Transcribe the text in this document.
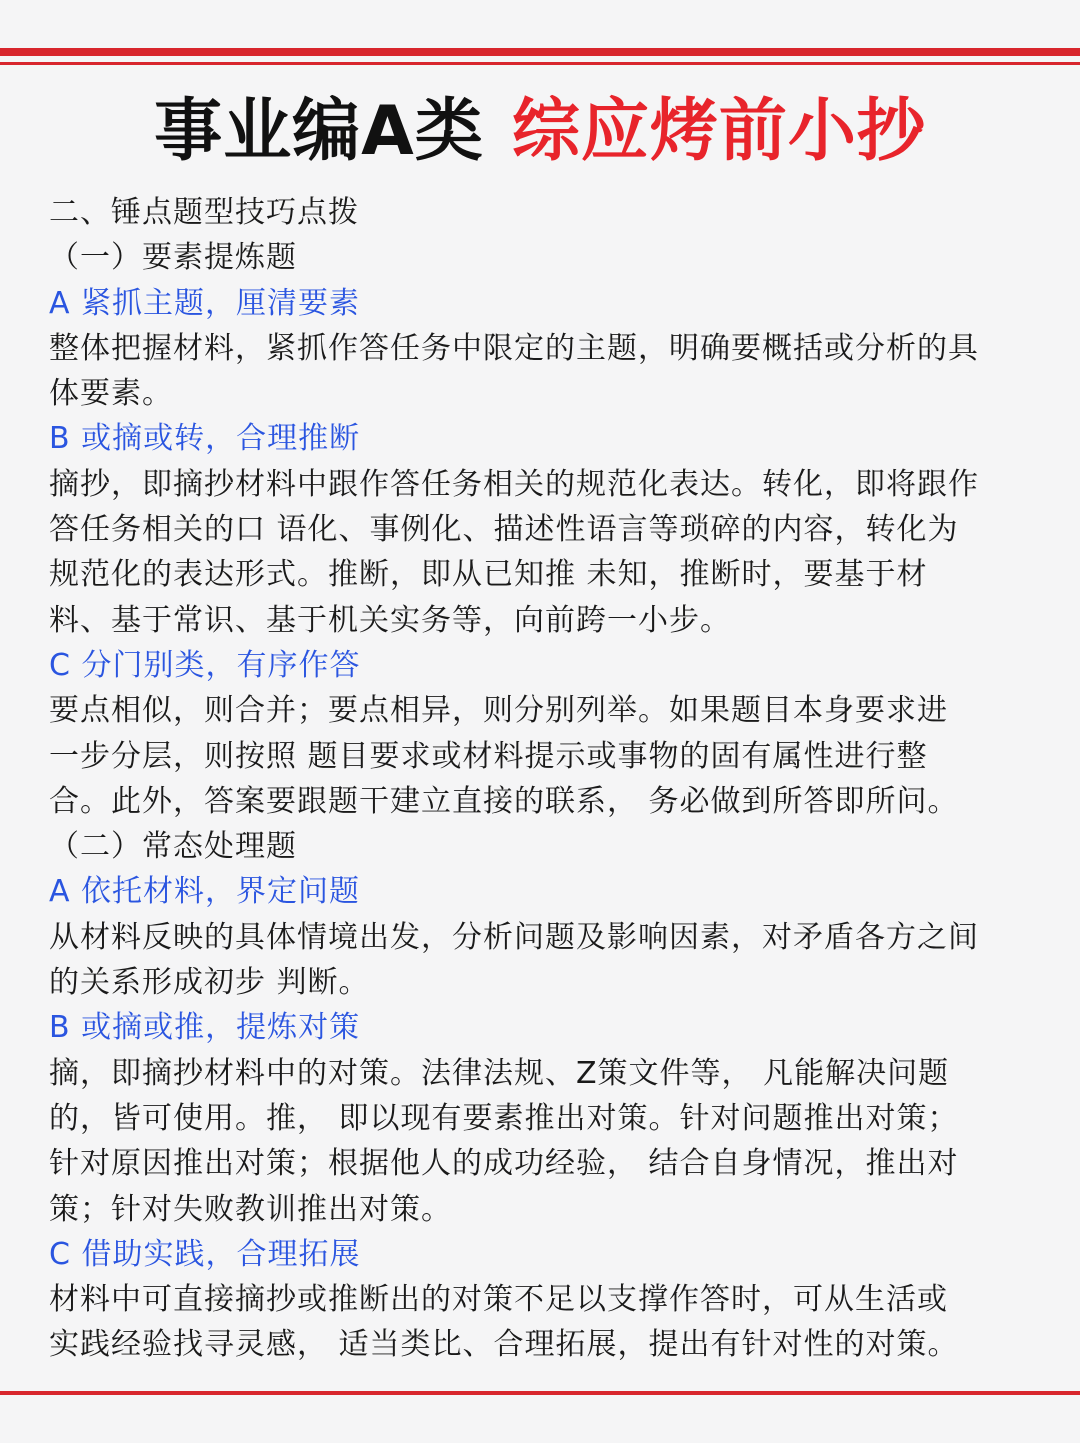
事业编A类 综应烤前小抄
二、锤点题型技巧点拨
（一）要素提炼题
A 紧抓主题，厘清要素
整体把握材料，紧抓作答任务中限定的主题，明确要概括或分析的具
体要素。
B 或摘或转，合理推断
摘抄，即摘抄材料中跟作答任务相关的规范化表达。转化，即将跟作
答任务相关的口 语化、事例化、描述性语言等琐碎的内容，转化为
规范化的表达形式。推断，即从已知推 未知，推断时，要基于材
料、基于常识、基于机关实务等，向前跨一小步。
C 分门别类，有序作答
要点相似，则合并；要点相异，则分别列举。如果题目本身要求进
一步分层，则按照 题目要求或材料提示或事物的固有属性进行整
合。此外，答案要跟题干建立直接的联系， 务必做到所答即所问。
（二）常态处理题
A 依托材料，界定问题
从材料反映的具体情境出发，分析问题及影响因素，对矛盾各方之间
的关系形成初步 判断。
B 或摘或推，提炼对策
摘，即摘抄材料中的对策。法律法规、Z策文件等， 凡能解决问题
的，皆可使用。推， 即以现有要素推出对策。针对问题推出对策；
针对原因推出对策；根据他人的成功经验， 结合自身情况，推出对
策；针对失败教训推出对策。
C 借助实践，合理拓展
材料中可直接摘抄或推断出的对策不足以支撑作答时，可从生活或
实践经验找寻灵感， 适当类比、合理拓展，提出有针对性的对策。
